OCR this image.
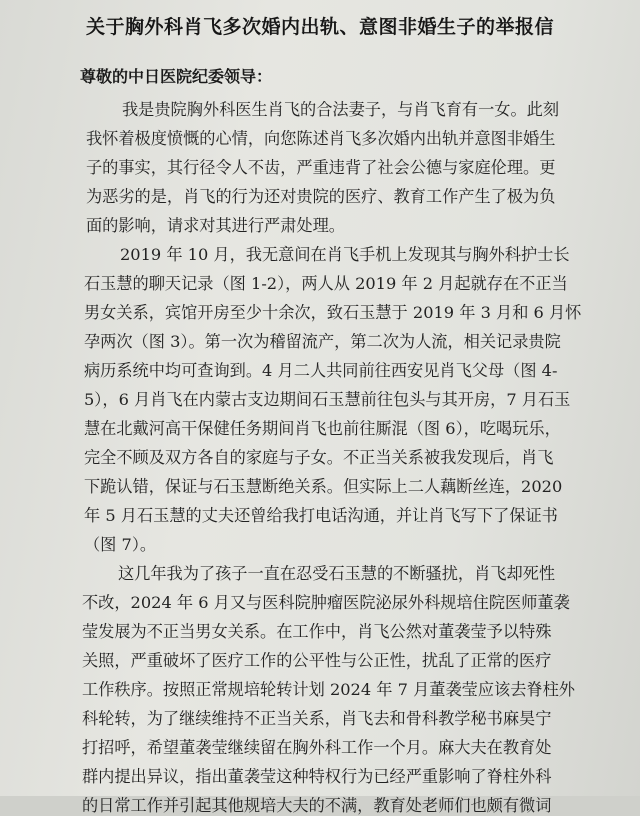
关于胸外科肖飞多次婚内出轨、意图非婚生子的举报信
尊敬的中日医院纪委领导：
我是贵院胸外科医生肖飞的合法妻子，与肖飞育有一女。此刻
我怀着极度愤慨的心情，向您陈述肖飞多次婚内出轨并意图非婚生
子的事实，其行径令人不齿，严重违背了社会公德与家庭伦理。更
为恶劣的是，肖飞的行为还对贵院的医疗、教育工作产生了极为负
面的影响，请求对其进行严肃处理。
2019 年 10 月，我无意间在肖飞手机上发现其与胸外科护士长
石玉慧的聊天记录（图 1-2），两人从 2019 年 2 月起就存在不正当
男女关系，宾馆开房至少十余次，致石玉慧于 2019 年 3 月和 6 月怀
孕两次（图 3）。第一次为稽留流产，第二次为人流，相关记录贵院
病历系统中均可查询到。4 月二人共同前往西安见肖飞父母（图 4-
5），6 月肖飞在内蒙古支边期间石玉慧前往包头与其开房，7 月石玉
慧在北戴河高干保健任务期间肖飞也前往厮混（图 6），吃喝玩乐，
完全不顾及双方各自的家庭与子女。不正当关系被我发现后，肖飞
下跪认错，保证与石玉慧断绝关系。但实际上二人藕断丝连，2020
年 5 月石玉慧的丈夫还曾给我打电话沟通，并让肖飞写下了保证书
（图 7）。
这几年我为了孩子一直在忍受石玉慧的不断骚扰，肖飞却死性
不改，2024 年 6 月又与医科院肿瘤医院泌尿外科规培住院医师董袭
莹发展为不正当男女关系。在工作中，肖飞公然对董袭莹予以特殊
关照，严重破坏了医疗工作的公平性与公正性，扰乱了正常的医疗
工作秩序。按照正常规培轮转计划 2024 年 7 月董袭莹应该去脊柱外
科轮转，为了继续维持不正当关系，肖飞去和骨科教学秘书麻昊宁
打招呼，希望董袭莹继续留在胸外科工作一个月。麻大夫在教育处
群内提出异议，指出董袭莹这种特权行为已经严重影响了脊柱外科
的日常工作并引起其他规培大夫的不满，教育处老师们也颇有微词
